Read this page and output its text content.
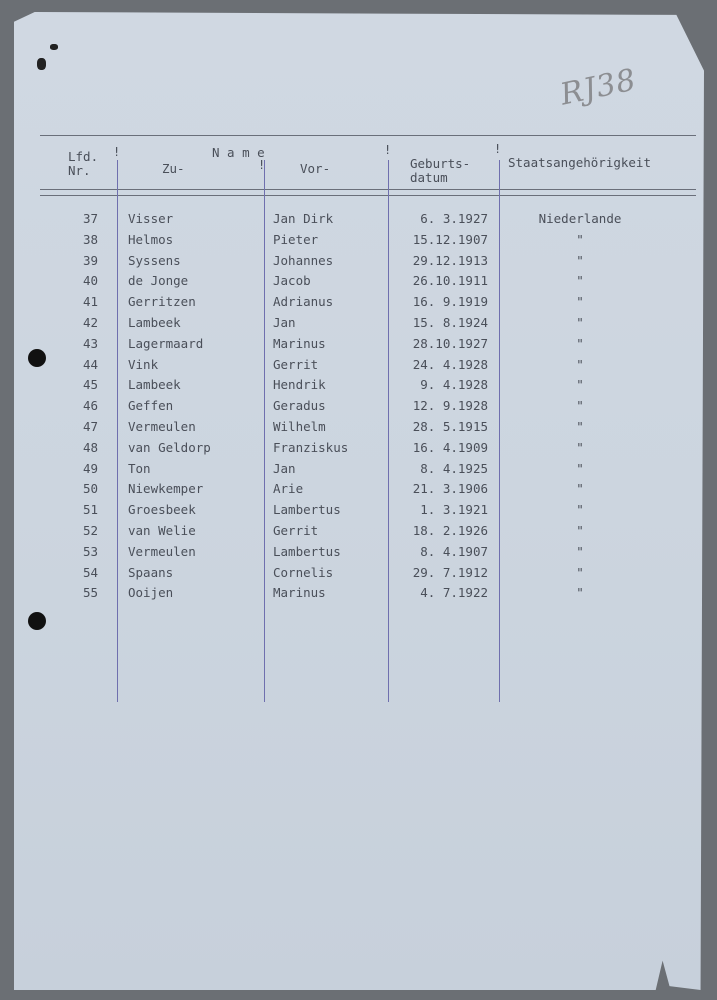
RJ38
Lfd.
Nr.
N a m e
Zu-	Vor-	Geburts-
datum
Staatsangehörigkeit
!
!
!	!
37 Visser	Jan Dirk	6. 3.1927	Niederlande
38 Helmos	Pieter	15.12.1907	"
39 Syssens	Johannes	29.12.1913	"
40 de Jonge	Jacob	26.10.1911	"
41 Gerritzen	Adrianus	16. 9.1919	"
42 Lambeek	Jan	15. 8.1924	"
43 Lagermaard	Marinus	28.10.1927	"
44 Vink	Gerrit	24. 4.1928	"
45 Lambeek	Hendrik	9. 4.1928	"
46 Geffen	Geradus	12. 9.1928	"
47 Vermeulen	Wilhelm	28. 5.1915	"
48 van Geldorp	Franziskus	16. 4.1909	"
49 Ton	Jan	8. 4.1925	"
50 Niewkemper	Arie	21. 3.1906	"
51 Groesbeek	Lambertus	1. 3.1921	"
52 van Welie	Gerrit	18. 2.1926	"
53 Vermeulen	Lambertus	8. 4.1907	"
54 Spaans	Cornelis	29. 7.1912	"
55 Ooijen	Marinus	4. 7.1922	"
